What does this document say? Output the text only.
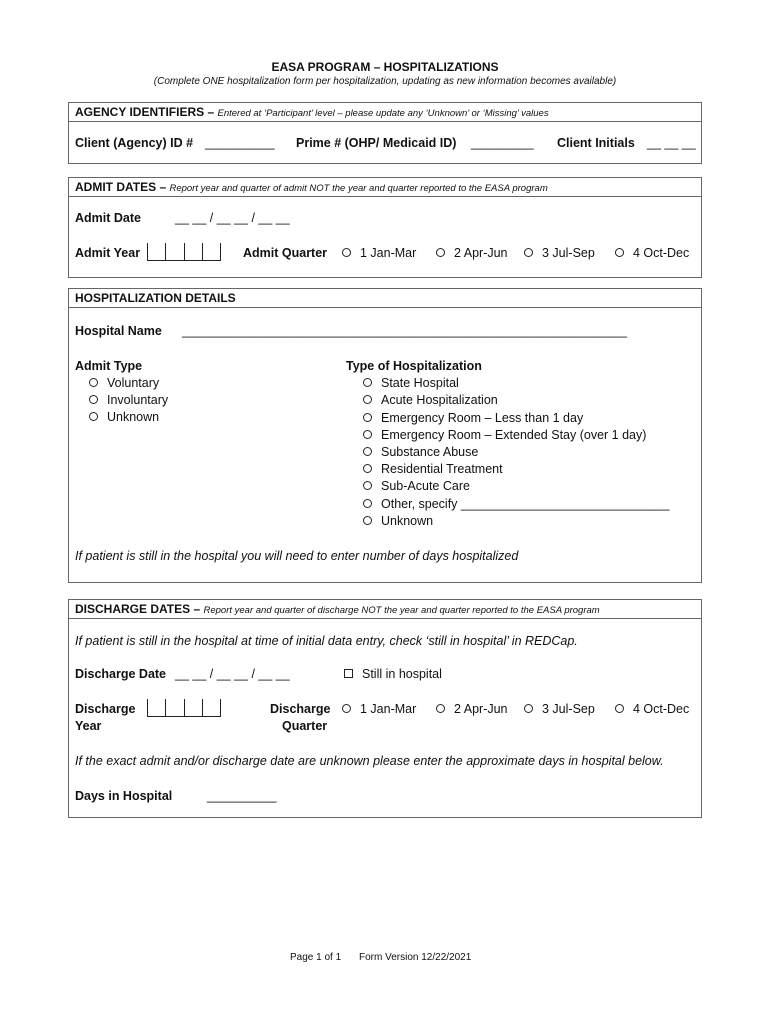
EASA PROGRAM – HOSPITALIZATIONS
(Complete ONE hospitalization form per hospitalization, updating as new information becomes available)
AGENCY IDENTIFIERS – Entered at ‘Participant’ level – please update any ‘Unknown’ or ‘Missing’ values
Client (Agency) ID # __________ Prime # (OHP/ Medicaid ID) _________ Client Initials __ __ __
ADMIT DATES – Report year and quarter of admit NOT the year and quarter reported to the EASA program
Admit Date	__ __ / __ __ / __ __
Admit Year	Admit Quarter	1 Jan-Mar	2 Apr-Jun	3 Jul-Sep	4 Oct-Dec
HOSPITALIZATION DETAILS
Hospital Name ________________________________________________________________
Admit Type
Voluntary
Involuntary
Unknown
Type of Hospitalization
State Hospital
Acute Hospitalization
Emergency Room – Less than 1 day
Emergency Room – Extended Stay (over 1 day)
Substance Abuse
Residential Treatment
Sub-Acute Care
Other, specify ______________________________
Unknown
If patient is still in the hospital you will need to enter number of days hospitalized
DISCHARGE DATES – Report year and quarter of discharge NOT the year and quarter reported to the EASA program
If patient is still in the hospital at time of initial data entry, check ‘still in hospital’ in REDCap.
Discharge Date __ __ / __ __ / __ __	Still in hospital
Discharge
Year
Discharge
Quarter
1 Jan-Mar	2 Apr-Jun	3 Jul-Sep	4 Oct-Dec
If the exact admit and/or discharge date are unknown please enter the approximate days in hospital below.
Days in Hospital	__________
Page 1 of 1 Form Version 12/22/2021
